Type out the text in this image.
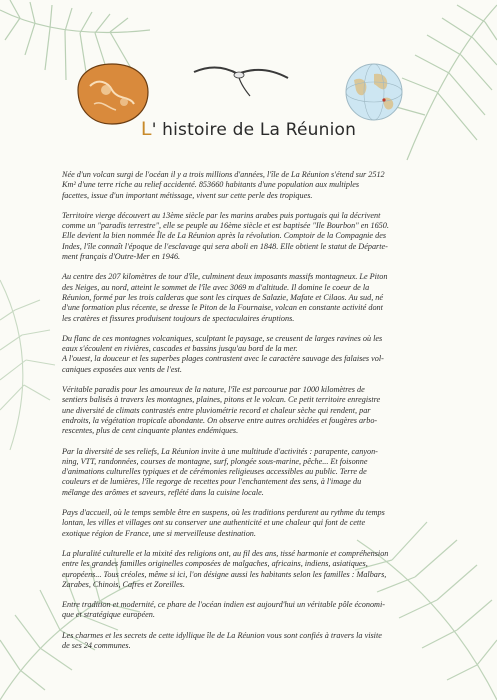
L' histoire de La Réunion

Née d'un volcan surgi de l'océan il y a trois millions d'années, l'île de La Réunion s'étend sur 2512
Km² d'une terre riche au relief accidenté. 853660 habitants d'une population aux multiples
facettes, issue d'un important métissage, vivent sur cette perle des tropiques.

Territoire vierge découvert au 13ème siècle par les marins arabes puis portugais qui la décrivent
comme un "paradis terrestre", elle se peuple au 16ème siècle et est baptisée "Ile Bourbon" en 1650.
Elle devient la bien nommée Île de La Réunion après la révolution. Comptoir de la Compagnie des
Indes, l'île connaît l'époque de l'esclavage qui sera aboli en 1848. Elle obtient le statut de Départe-
ment français d'Outre-Mer en 1946.

Au centre des 207 kilomètres de tour d'île, culminent deux imposants massifs montagneux. Le Piton
des Neiges, au nord, atteint le sommet de l'île avec 3069 m d'altitude. Il domine le coeur de la
Réunion, formé par les trois calderas que sont les cirques de Salazie, Mafate et Cilaos. Au sud, né
d'une formation plus récente, se dresse le Piton de la Fournaise, volcan en constante activité dont
les cratères et fissures produisent toujours de spectaculaires éruptions.

Du flanc de ces montagnes volcaniques, sculptant le paysage, se creusent de larges ravines où les
eaux s'écoulent en rivières, cascades et bassins jusqu'au bord de la mer.
A l'ouest, la douceur et les superbes plages contrastent avec le caractère sauvage des falaises vol-
caniques exposées aux vents de l'est.

Véritable paradis pour les amoureux de la nature, l'île est parcourue par 1000 kilomètres de
sentiers balisés à travers les montagnes, plaines, pitons et le volcan. Ce petit territoire enregistre
une diversité de climats contrastés entre pluviométrie record et chaleur sèche qui rendent, par
endroits, la végétation tropicale abondante. On observe entre autres orchidées et fougères arbo-
rescentes, plus de cent cinquante plantes endémiques.

Par la diversité de ses reliefs, La Réunion invite à une multitude d'activités : parapente, canyon-
ning, VTT, randonnées, courses de montagne, surf, plongée sous-marine, pêche... Et foisonne
d'animations culturelles typiques et de cérémonies religieuses accessibles au public. Terre de
couleurs et de lumières, l'île regorge de recettes pour l'enchantement des sens, à l'image du
mélange des arômes et saveurs, reflété dans la cuisine locale.

Pays d'accueil, où le temps semble être en suspens, où les traditions perdurent au rythme du temps
lontan, les villes et villages ont su conserver une authenticité et une chaleur qui font de cette
exotique région de France, une si merveilleuse destination.

La pluralité culturelle et la mixité des religions ont, au fil des ans, tissé harmonie et compréhension
entre les grandes familles originelles composées de malgaches, africains, indiens, asiatiques,
européens... Tous créoles, même si ici, l'on désigne aussi les habitants selon les familles : Malbars,
Zarabes, Chinois, Cafres et Zoreilles.

Entre tradition et modernité, ce phare de l'océan indien est aujourd'hui un véritable pôle économi-
que et stratégique européen.

Les charmes et les secrets de cette idyllique île de La Réunion vous sont confiés à travers la visite
de ses 24 communes.
